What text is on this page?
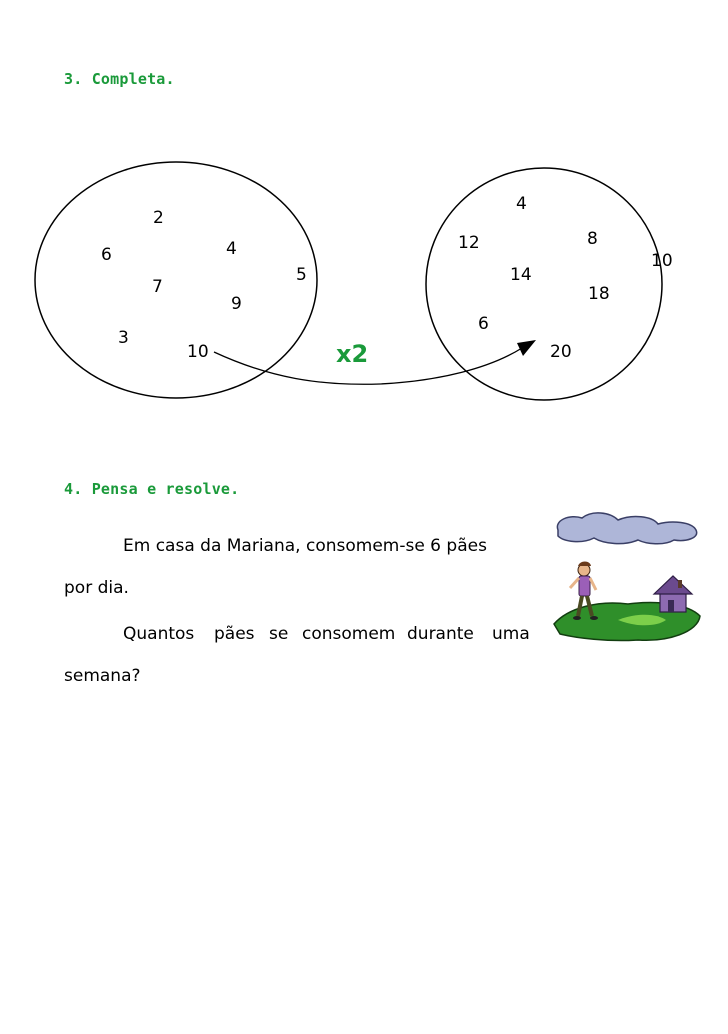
3. Completa.
2
4
6
7
5
9
3
10
4
12	8
10
14
18
6
20
x2
4. Pensa e resolve.
Em casa da Mariana, consomem-se 6 pães
por dia.
Quantos pães se consomem durante uma
semana?
